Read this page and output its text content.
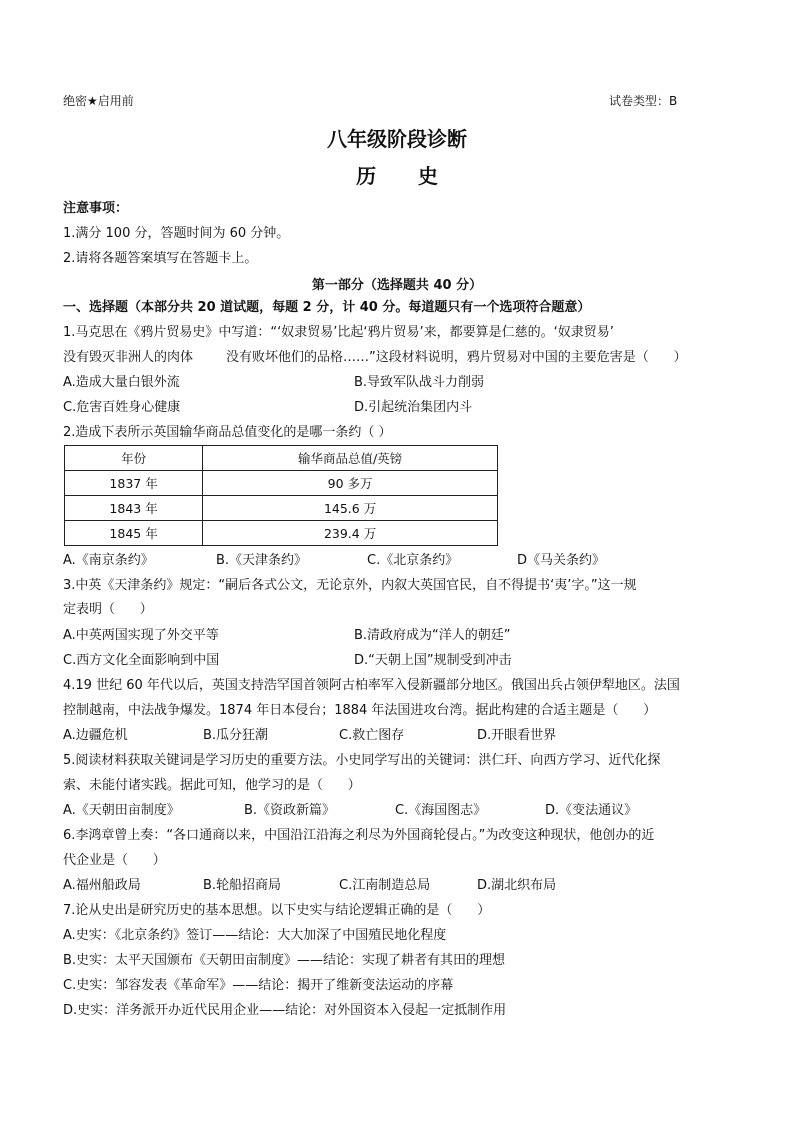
绝密★启用前	试卷类型：B
八年级阶段诊断
历      史
注意事项：
1.满分 100 分，答题时间为 60 分钟。
2.请将各题答案填写在答题卡上。
第一部分（选择题共 40 分）
一、选择题（本部分共 20 道试题，每题 2 分，计 40 分。每道题只有一个选项符合题意）
1.马克思在《鸦片贸易史》中写道：“‘奴隶贸易’比起‘鸦片贸易’来，都要算是仁慈的。‘奴隶贸易’
没有毁灭非洲人的肉体        没有败坏他们的品格……”这段材料说明，鸦片贸易对中国的主要危害是（      ）
A.造成大量白银外流	B.导致军队战斗力削弱
C.危害百姓身心健康	D.引起统治集团内斗
2.造成下表所示英国输华商品总值变化的是哪一条约（ ）
年份	输华商品总值/英镑
1837 年	90 多万
1843 年	145.6 万
1845 年	239.4 万
A.《南京条约》	B.《天津条约》	C.《北京条约》	D《马关条约》
3.中英《天津条约》规定：“嗣后各式公文，无论京外，内叙大英国官民，自不得提书‘夷’字。”这一规
定表明（      ）
A.中英两国实现了外交平等	B.清政府成为“洋人的朝廷”
C.西方文化全面影响到中国	D.“天朝上国”规制受到冲击
4.19 世纪 60 年代以后，英国支持浩罕国首领阿古柏率军入侵新疆部分地区。俄国出兵占领伊犁地区。法国
控制越南，中法战争爆发。1874 年日本侵台；1884 年法国进攻台湾。据此构建的合适主题是（      ）
A.边疆危机	B.瓜分狂潮	C.救亡图存	D.开眼看世界
5.阅读材料获取关键词是学习历史的重要方法。小史同学写出的关键词：洪仁玕、向西方学习、近代化探
索、未能付诸实践。据此可知，他学习的是（      ）
A.《天朝田亩制度》	B.《资政新篇》	C.《海国图志》	D.《变法通议》
6.李鸿章曾上奏：“各口通商以来，中国沿江沿海之利尽为外国商轮侵占。”为改变这种现状，他创办的近
代企业是（      ）
A.福州船政局	B.轮船招商局	C.江南制造总局	D.湖北织布局
7.论从史出是研究历史的基本思想。以下史实与结论逻辑正确的是（      ）
A.史实：《北京条约》签订——结论：大大加深了中国殖民地化程度
B.史实：太平天国颁布《天朝田亩制度》——结论：实现了耕者有其田的理想
C.史实：邹容发表《革命军》——结论：揭开了维新变法运动的序幕
D.史实：洋务派开办近代民用企业——结论：对外国资本入侵起一定抵制作用
